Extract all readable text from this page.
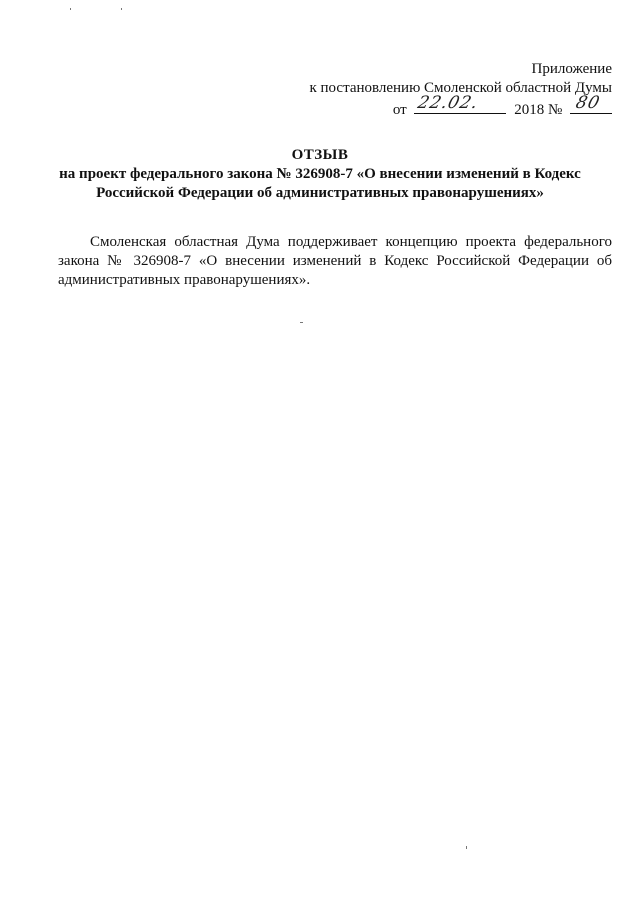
Приложение
к постановлению Смоленской областной Думы
от 22.02. 2018 № 80
ОТЗЫВ
на проект федерального закона № 326908-7 «О внесении изменений в Кодекс
Российской Федерации об административных правонарушениях»

Смоленская областная Дума поддерживает концепцию проекта федерального закона № 326908-7 «О внесении изменений в Кодекс Российской Федерации об административных правонарушениях».
